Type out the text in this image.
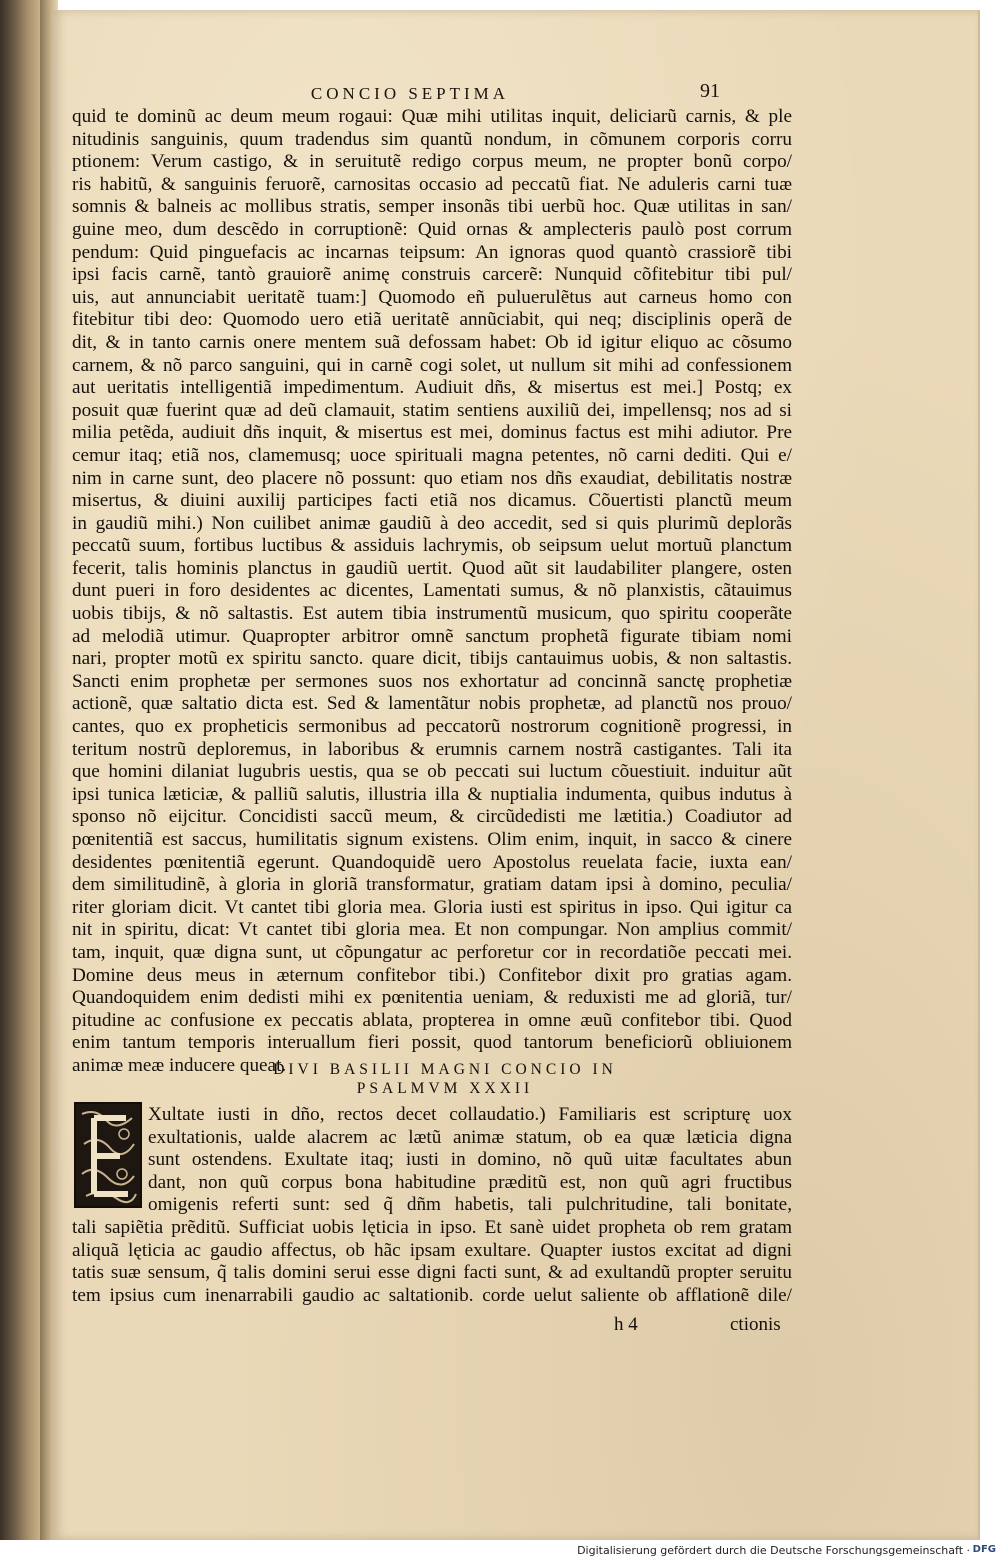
CONCIO SEPTIMA	91
quid te dominũ ac deum meum rogaui: Quæ mihi utilitas inquit, deliciarũ carnis, & ple
nitudinis sanguinis, quum tradendus sim quantũ nondum, in cõmunem corporis corru
ptionem: Verum castigo, & in seruitutẽ redigo corpus meum, ne propter bonũ corpo/
ris habitũ, & sanguinis feruorẽ, carnositas occasio ad peccatũ fiat. Ne aduleris carni tuæ
somnis & balneis ac mollibus stratis, semper insonãs tibi uerbũ hoc. Quæ utilitas in san/
guine meo, dum descẽdo in corruptionẽ: Quid ornas & amplecteris paulò post corrum
pendum: Quid pinguefacis ac incarnas teipsum: An ignoras quod quantò crassiorẽ tibi
ipsi facis carnẽ, tantò grauiorẽ animę construis carcerẽ: Nunquid cõfitebitur tibi pul/
uis, aut annunciabit ueritatẽ tuam:] Quomodo eñ puluerulẽtus aut carneus homo con
fitebitur tibi deo: Quomodo uero etiã ueritatẽ annũciabit, qui neq; disciplinis operã de
dit, & in tanto carnis onere mentem suã defossam habet: Ob id igitur eliquo ac cõsumo
carnem, & nõ parco sanguini, qui in carnẽ cogi solet, ut nullum sit mihi ad confessionem
aut ueritatis intelligentiã impedimentum. Audiuit dñs, & misertus est mei.] Postq; ex
posuit quæ fuerint quæ ad deũ clamauit, statim sentiens auxiliũ dei, impellensq; nos ad si
milia petẽda, audiuit dñs inquit, & misertus est mei, dominus factus est mihi adiutor. Pre
cemur itaq; etiã nos, clamemusq; uoce spirituali magna petentes, nõ carni dediti. Qui e/
nim in carne sunt, deo placere nõ possunt: quo etiam nos dñs exaudiat, debilitatis nostræ
misertus, & diuini auxilij participes facti etiã nos dicamus. Cõuertisti planctũ meum
in gaudiũ mihi.) Non cuilibet animæ gaudiũ à deo accedit, sed si quis plurimũ deplorãs
peccatũ suum, fortibus luctibus & assiduis lachrymis, ob seipsum uelut mortuũ planctum
fecerit, talis hominis planctus in gaudiũ uertit. Quod aũt sit laudabiliter plangere, osten
dunt pueri in foro desidentes ac dicentes, Lamentati sumus, & nõ planxistis, cãtauimus
uobis tibijs, & nõ saltastis. Est autem tibia instrumentũ musicum, quo spiritu cooperãte
ad melodiã utimur. Quapropter arbitror omnẽ sanctum prophetã figurate tibiam nomi
nari, propter motũ ex spiritu sancto. quare dicit, tibijs cantauimus uobis, & non saltastis.
Sancti enim prophetæ per sermones suos nos exhortatur ad concinnã sanctę prophetiæ
actionẽ, quæ saltatio dicta est. Sed & lamentãtur nobis prophetæ, ad planctũ nos prouo/
cantes, quo ex propheticis sermonibus ad peccatorũ nostrorum cognitionẽ progressi, in
teritum nostrũ deploremus, in laboribus & erumnis carnem nostrã castigantes. Tali ita
que homini dilaniat lugubris uestis, qua se ob peccati sui luctum cõuestiuit. induitur aũt
ipsi tunica læticiæ, & palliũ salutis, illustria illa & nuptialia indumenta, quibus indutus à
sponso nõ eijcitur. Concidisti saccũ meum, & circũdedisti me lætitia.) Coadiutor ad
pœnitentiã est saccus, humilitatis signum existens. Olim enim, inquit, in sacco & cinere
desidentes pœnitentiã egerunt. Quandoquidẽ uero Apostolus reuelata facie, iuxta ean/
dem similitudinẽ, à gloria in gloriã transformatur, gratiam datam ipsi à domino, peculia/
riter gloriam dicit. Vt cantet tibi gloria mea. Gloria iusti est spiritus in ipso. Qui igitur ca
nit in spiritu, dicat: Vt cantet tibi gloria mea. Et non compungar. Non amplius commit/
tam, inquit, quæ digna sunt, ut cõpungatur ac perforetur cor in recordatiõe peccati mei.
Domine deus meus in æternum confitebor tibi.) Confitebor dixit pro gratias agam.
Quandoquidem enim dedisti mihi ex pœnitentia ueniam, & reduxisti me ad gloriã, tur/
pitudine ac confusione ex peccatis ablata, propterea in omne æuũ confitebor tibi. Quod
enim tantum temporis interuallum fieri possit, quod tantorum beneficiorũ obliuionem
animæ meæ inducere queat.
DIVI BASILII MAGNI CONCIO IN
PSALMVM XXXII
Xultate iusti in dño, rectos decet collaudatio.) Familiaris est scripturę uox
exultationis, ualde alacrem ac lætũ animæ statum, ob ea quæ læticia digna
sunt ostendens. Exultate itaq; iusti in domino, nõ quũ uitæ facultates abun
dant, non quũ corpus bona habitudine præditũ est, non quũ agri fructibus
omigenis referti sunt: sed q̃ dñm habetis, tali pulchritudine, tali bonitate,
tali sapiẽtia prẽditũ. Sufficiat uobis lęticia in ipso. Et sanè uidet propheta ob rem gratam
aliquã lęticia ac gaudio affectus, ob hãc ipsam exultare. Quapter iustos excitat ad digni
tatis suæ sensum, q̃ talis domini serui esse digni facti sunt, & ad exultandũ propter seruitu
tem ipsius cum inenarrabili gaudio ac saltationib. corde uelut saliente ob afflationẽ dile/
h 4	ctionis
Digitalisierung gefördert durch die Deutsche Forschungsgemeinschaft · DFG
